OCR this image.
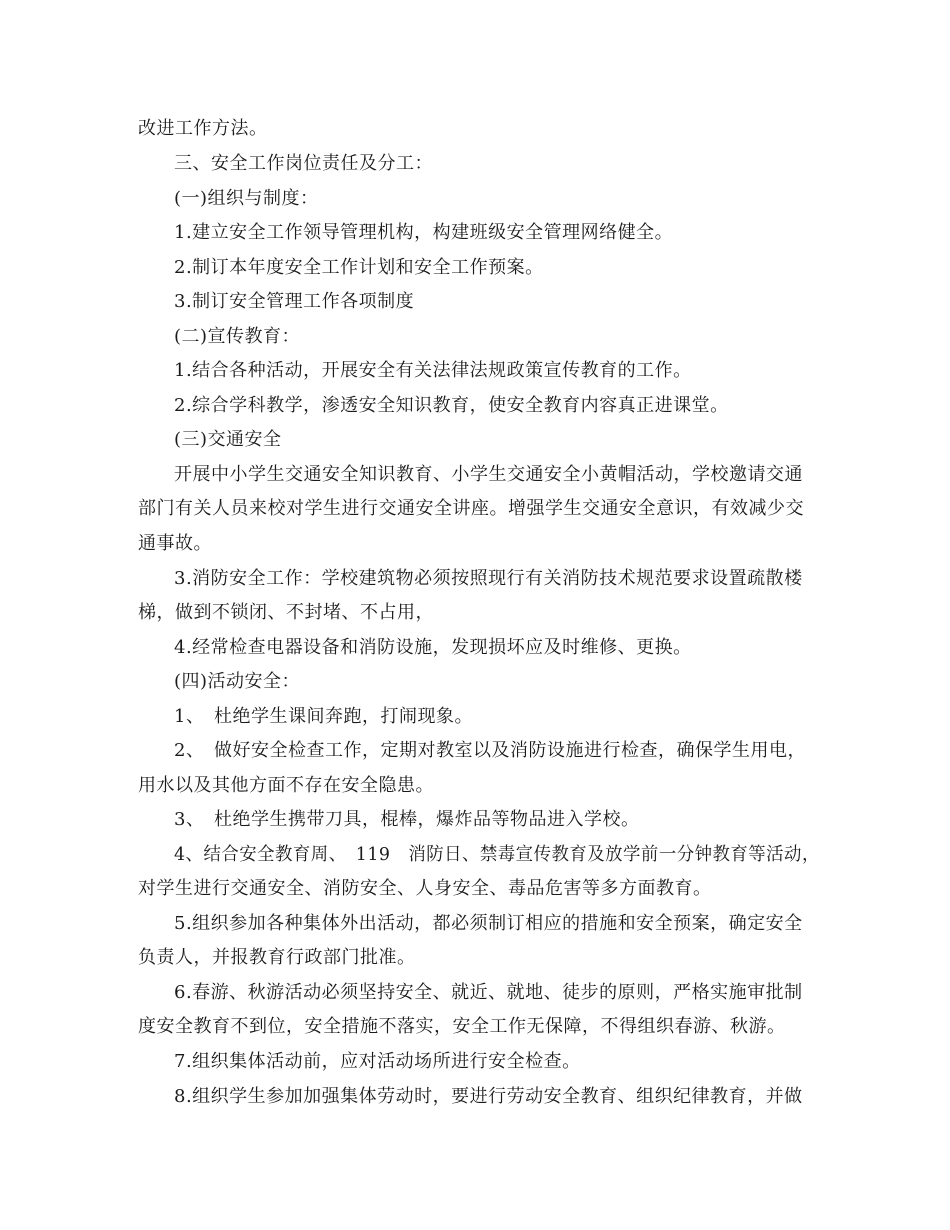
改进工作方法。
三、安全工作岗位责任及分工：
(一)组织与制度：
1.建立安全工作领导管理机构，构建班级安全管理网络健全。
2.制订本年度安全工作计划和安全工作预案。
3.制订安全管理工作各项制度
(二)宣传教育：
1.结合各种活动，开展安全有关法律法规政策宣传教育的工作。
2.综合学科教学，渗透安全知识教育，使安全教育内容真正进课堂。
(三)交通安全
开展中小学生交通安全知识教育、小学生交通安全小黄帽活动，学校邀请交通
部门有关人员来校对学生进行交通安全讲座。增强学生交通安全意识，有效减少交
通事故。
3.消防安全工作：学校建筑物必须按照现行有关消防技术规范要求设置疏散楼
梯，做到不锁闭、不封堵、不占用，
4.经常检查电器设备和消防设施，发现损坏应及时维修、更换。
(四)活动安全：
1、　杜绝学生课间奔跑，打闹现象。
2、　做好安全检查工作，定期对教室以及消防设施进行检查，确保学生用电，
用水以及其他方面不存在安全隐患。
3、　杜绝学生携带刀具，棍棒，爆炸品等物品进入学校。
4、结合安全教育周、　119　消防日、禁毒宣传教育及放学前一分钟教育等活动，
对学生进行交通安全、消防安全、人身安全、毒品危害等多方面教育。
5.组织参加各种集体外出活动，都必须制订相应的措施和安全预案，确定安全
负责人，并报教育行政部门批准。
6.春游、秋游活动必须坚持安全、就近、就地、徒步的原则，严格实施审批制
度安全教育不到位，安全措施不落实，安全工作无保障，不得组织春游、秋游。
7.组织集体活动前，应对活动场所进行安全检查。
8.组织学生参加加强集体劳动时，要进行劳动安全教育、组织纪律教育，并做
